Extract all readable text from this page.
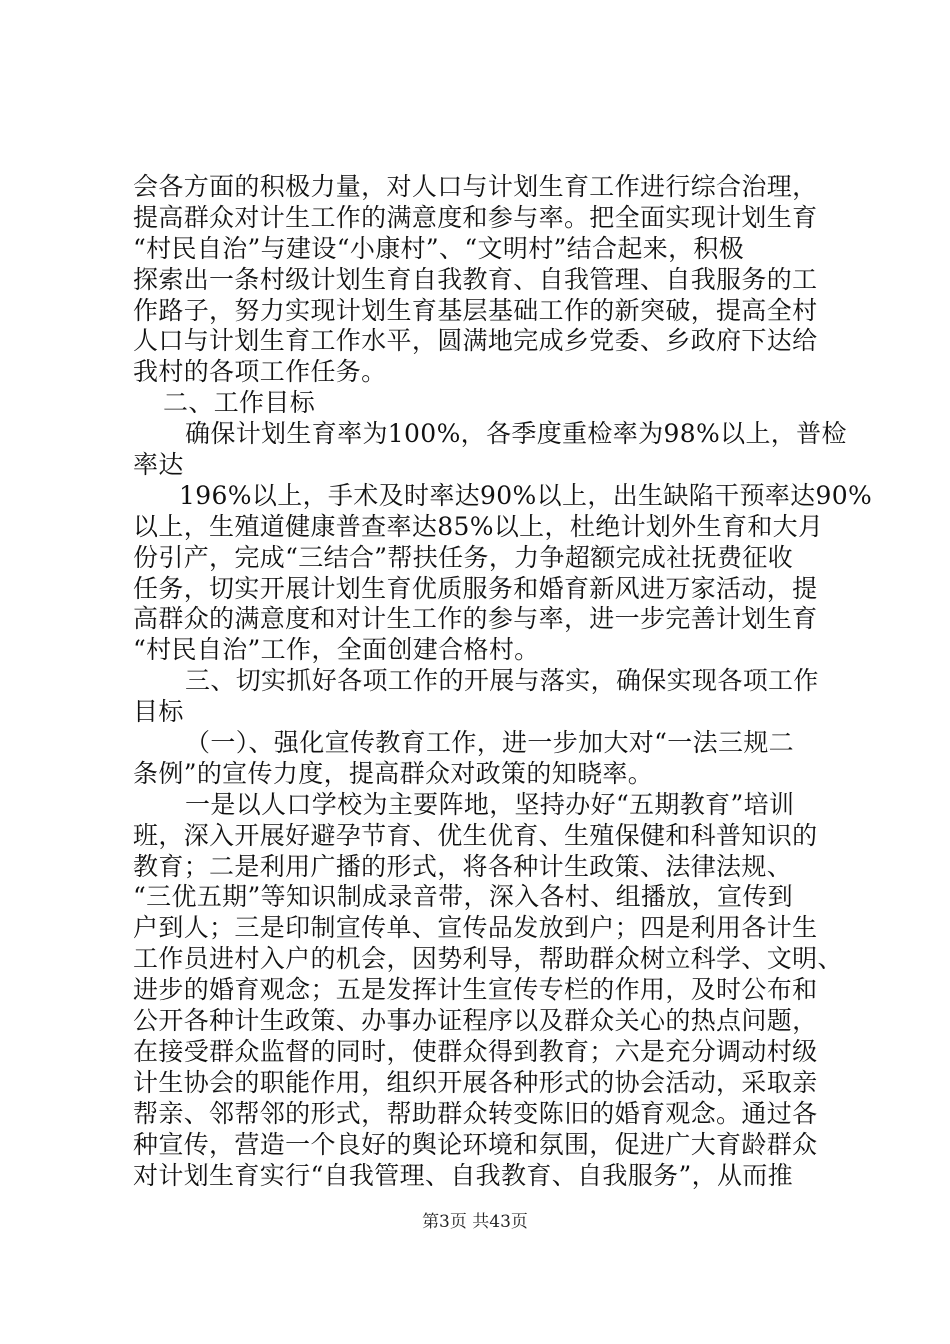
会各方面的积极力量，对人口与计划生育工作进行综合治理，
提高群众对计生工作的满意度和参与率。把全面实现计划生育
“村民自治”与建设“小康村”、“文明村”结合起来，积极
探索出一条村级计划生育自我教育、自我管理、自我服务的工
作路子，努力实现计划生育基层基础工作的新突破，提高全村
人口与计划生育工作水平，圆满地完成乡党委、乡政府下达给
我村的各项工作任务。
二、工作目标
确保计划生育率为100%，各季度重检率为98%以上，普检
率达
196%以上，手术及时率达90%以上，出生缺陷干预率达90%
以上，生殖道健康普查率达85%以上，杜绝计划外生育和大月
份引产，完成“三结合”帮扶任务，力争超额完成社抚费征收
任务，切实开展计划生育优质服务和婚育新风进万家活动，提
高群众的满意度和对计生工作的参与率，进一步完善计划生育
“村民自治”工作，全面创建合格村。
三、切实抓好各项工作的开展与落实，确保实现各项工作
目标
（一）、强化宣传教育工作，进一步加大对“一法三规二
条例”的宣传力度，提高群众对政策的知晓率。
一是以人口学校为主要阵地，坚持办好“五期教育”培训
班，深入开展好避孕节育、优生优育、生殖保健和科普知识的
教育；二是利用广播的形式，将各种计生政策、法律法规、
“三优五期”等知识制成录音带，深入各村、组播放，宣传到
户到人；三是印制宣传单、宣传品发放到户；四是利用各计生
工作员进村入户的机会，因势利导，帮助群众树立科学、文明、
进步的婚育观念；五是发挥计生宣传专栏的作用，及时公布和
公开各种计生政策、办事办证程序以及群众关心的热点问题，
在接受群众监督的同时，使群众得到教育；六是充分调动村级
计生协会的职能作用，组织开展各种形式的协会活动，采取亲
帮亲、邻帮邻的形式，帮助群众转变陈旧的婚育观念。通过各
种宣传，营造一个良好的舆论环境和氛围，促进广大育龄群众
对计划生育实行“自我管理、自我教育、自我服务”，从而推
第3页 共43页
